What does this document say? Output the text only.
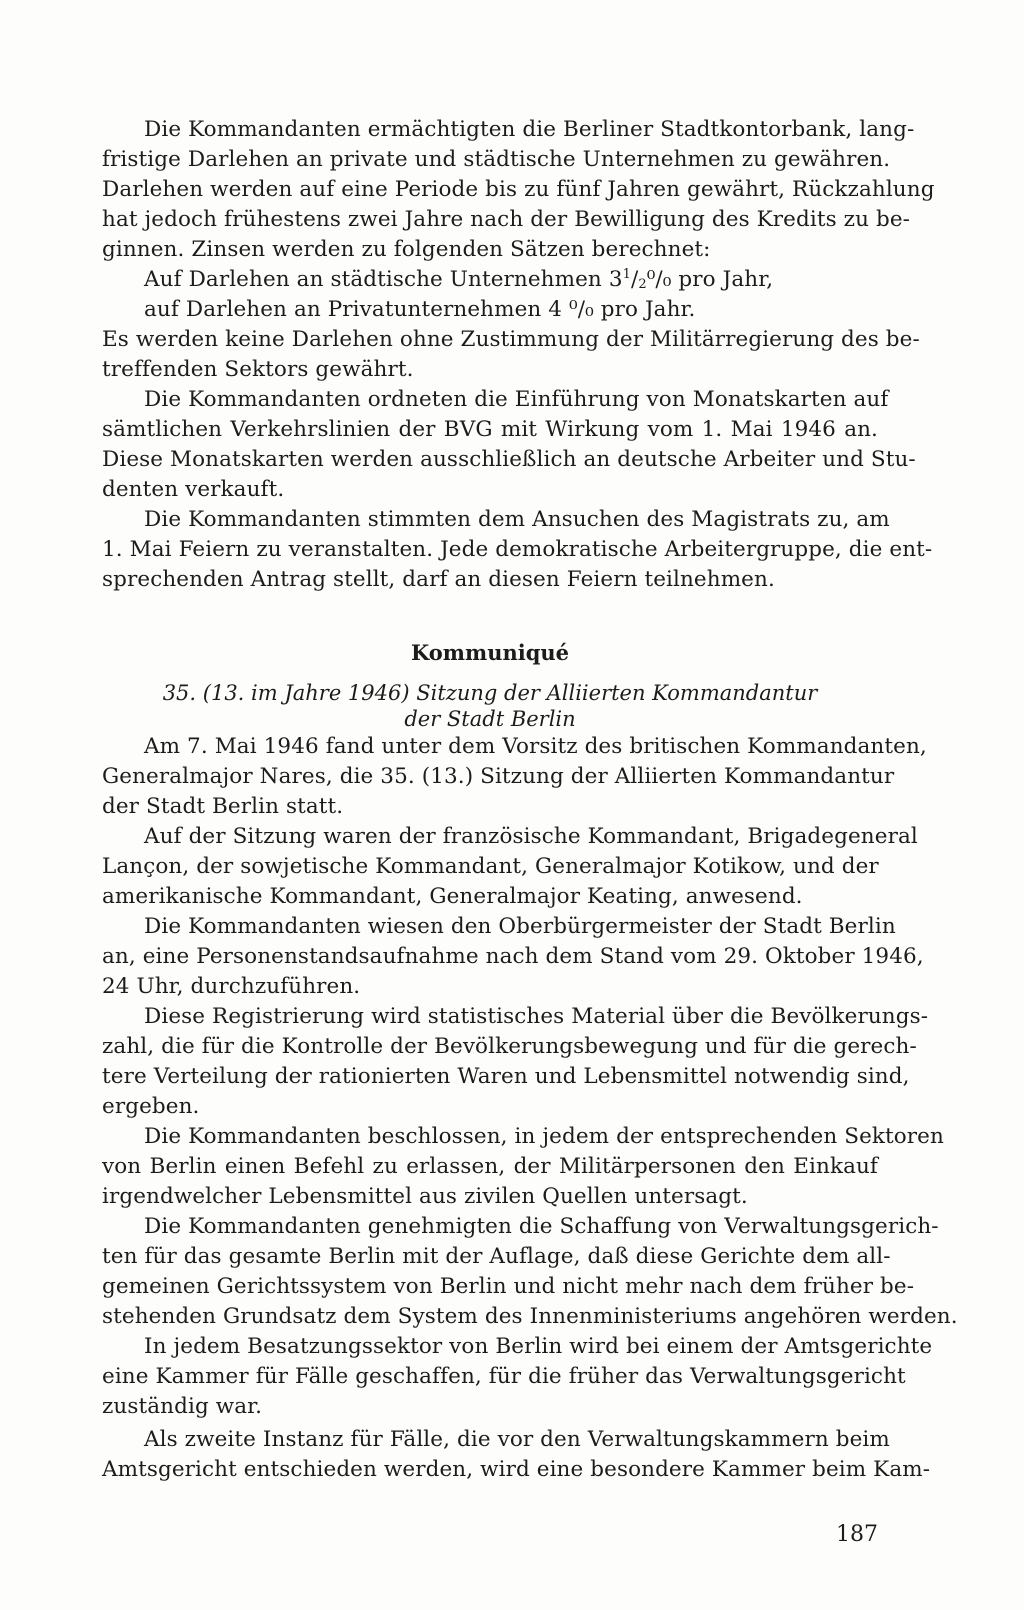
Die Kommandanten ermächtigten die Berliner Stadtkontorbank, lang-
fristige Darlehen an private und städtische Unternehmen zu gewähren.
Darlehen werden auf eine Periode bis zu fünf Jahren gewährt, Rückzahlung
hat jedoch frühestens zwei Jahre nach der Bewilligung des Kredits zu be-
ginnen. Zinsen werden zu folgenden Sätzen berechnet:
Auf Darlehen an städtische Unternehmen $3^1/_2^0/_0$ pro Jahr,
auf Darlehen an Privatunternehmen 4 ⁰/₀ pro Jahr.
Es werden keine Darlehen ohne Zustimmung der Militärregierung des be-
treffenden Sektors gewährt.
Die Kommandanten ordneten die Einführung von Monatskarten auf
sämtlichen Verkehrslinien der BVG mit Wirkung vom 1. Mai 1946 an.
Diese Monatskarten werden ausschließlich an deutsche Arbeiter und Stu-
denten verkauft.
Die Kommandanten stimmten dem Ansuchen des Magistrats zu, am
1. Mai Feiern zu veranstalten. Jede demokratische Arbeitergruppe, die ent-
sprechenden Antrag stellt, darf an diesen Feiern teilnehmen.
Kommuniqué
35. (13. im Jahre 1946) Sitzung der Alliierten Kommandantur
der Stadt Berlin
Am 7. Mai 1946 fand unter dem Vorsitz des britischen Kommandanten,
Generalmajor Nares, die 35. (13.) Sitzung der Alliierten Kommandantur
der Stadt Berlin statt.
Auf der Sitzung waren der französische Kommandant, Brigadegeneral
Lançon, der sowjetische Kommandant, Generalmajor Kotikow, und der
amerikanische Kommandant, Generalmajor Keating, anwesend.
Die Kommandanten wiesen den Oberbürgermeister der Stadt Berlin
an, eine Personenstandsaufnahme nach dem Stand vom 29. Oktober 1946,
24 Uhr, durchzuführen.
Diese Registrierung wird statistisches Material über die Bevölkerungs-
zahl, die für die Kontrolle der Bevölkerungsbewegung und für die gerech-
tere Verteilung der rationierten Waren und Lebensmittel notwendig sind,
ergeben.
Die Kommandanten beschlossen, in jedem der entsprechenden Sektoren
von Berlin einen Befehl zu erlassen, der Militärpersonen den Einkauf
irgendwelcher Lebensmittel aus zivilen Quellen untersagt.
Die Kommandanten genehmigten die Schaffung von Verwaltungsgerich-
ten für das gesamte Berlin mit der Auflage, daß diese Gerichte dem all-
gemeinen Gerichtssystem von Berlin und nicht mehr nach dem früher be-
stehenden Grundsatz dem System des Innenministeriums angehören werden.
In jedem Besatzungssektor von Berlin wird bei einem der Amtsgerichte
eine Kammer für Fälle geschaffen, für die früher das Verwaltungsgericht
zuständig war.
Als zweite Instanz für Fälle, die vor den Verwaltungskammern beim
Amtsgericht entschieden werden, wird eine besondere Kammer beim Kam-
187
